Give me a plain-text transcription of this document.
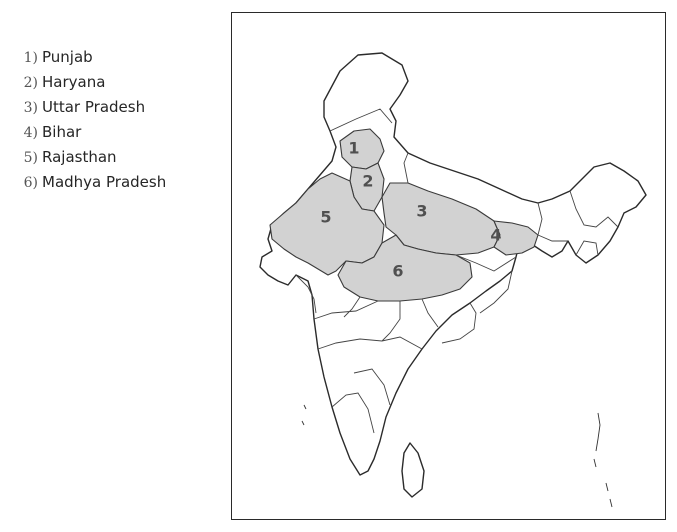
1) Punjab
2) Haryana
3) Uttar Pradesh
4) Bihar
5) Rajasthan
6) Madhya Pradesh
1
2
3
4
5
6
